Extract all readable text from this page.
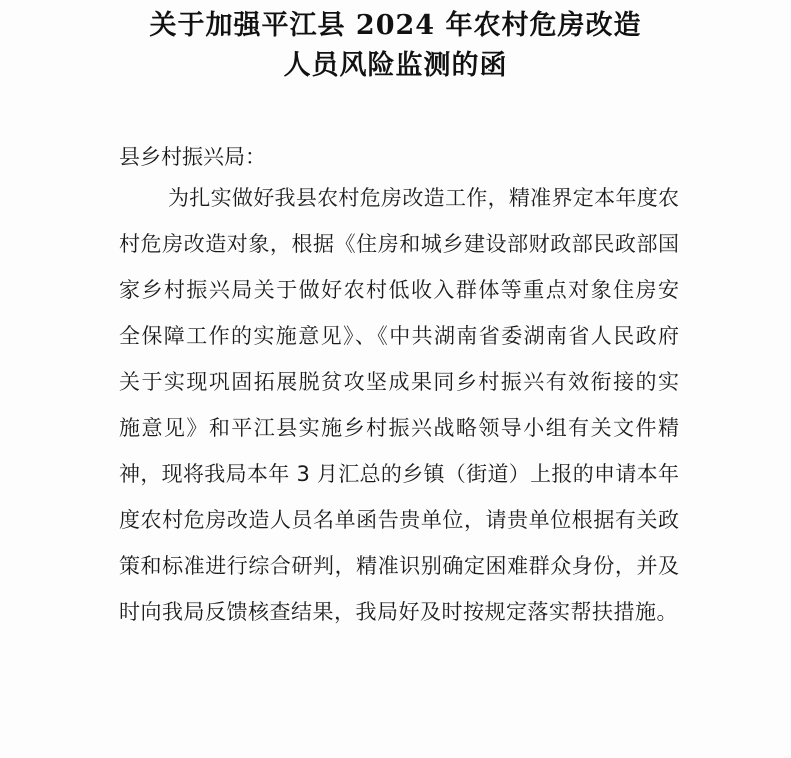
关于加强平江县 2024 年农村危房改造
人员风险监测的函
县乡村振兴局：
为扎实做好我县农村危房改造工作，精准界定本年度农
村危房改造对象，根据《住房和城乡建设部财政部民政部国
家乡村振兴局关于做好农村低收入群体等重点对象住房安
全保障工作的实施意见》、《中共湖南省委湖南省人民政府
关于实现巩固拓展脱贫攻坚成果同乡村振兴有效衔接的实
施意见》和平江县实施乡村振兴战略领导小组有关文件精
神，现将我局本年 3 月汇总的乡镇（街道）上报的申请本年
度农村危房改造人员名单函告贵单位，请贵单位根据有关政
策和标准进行综合研判，精准识别确定困难群众身份，并及
时向我局反馈核查结果，我局好及时按规定落实帮扶措施。
